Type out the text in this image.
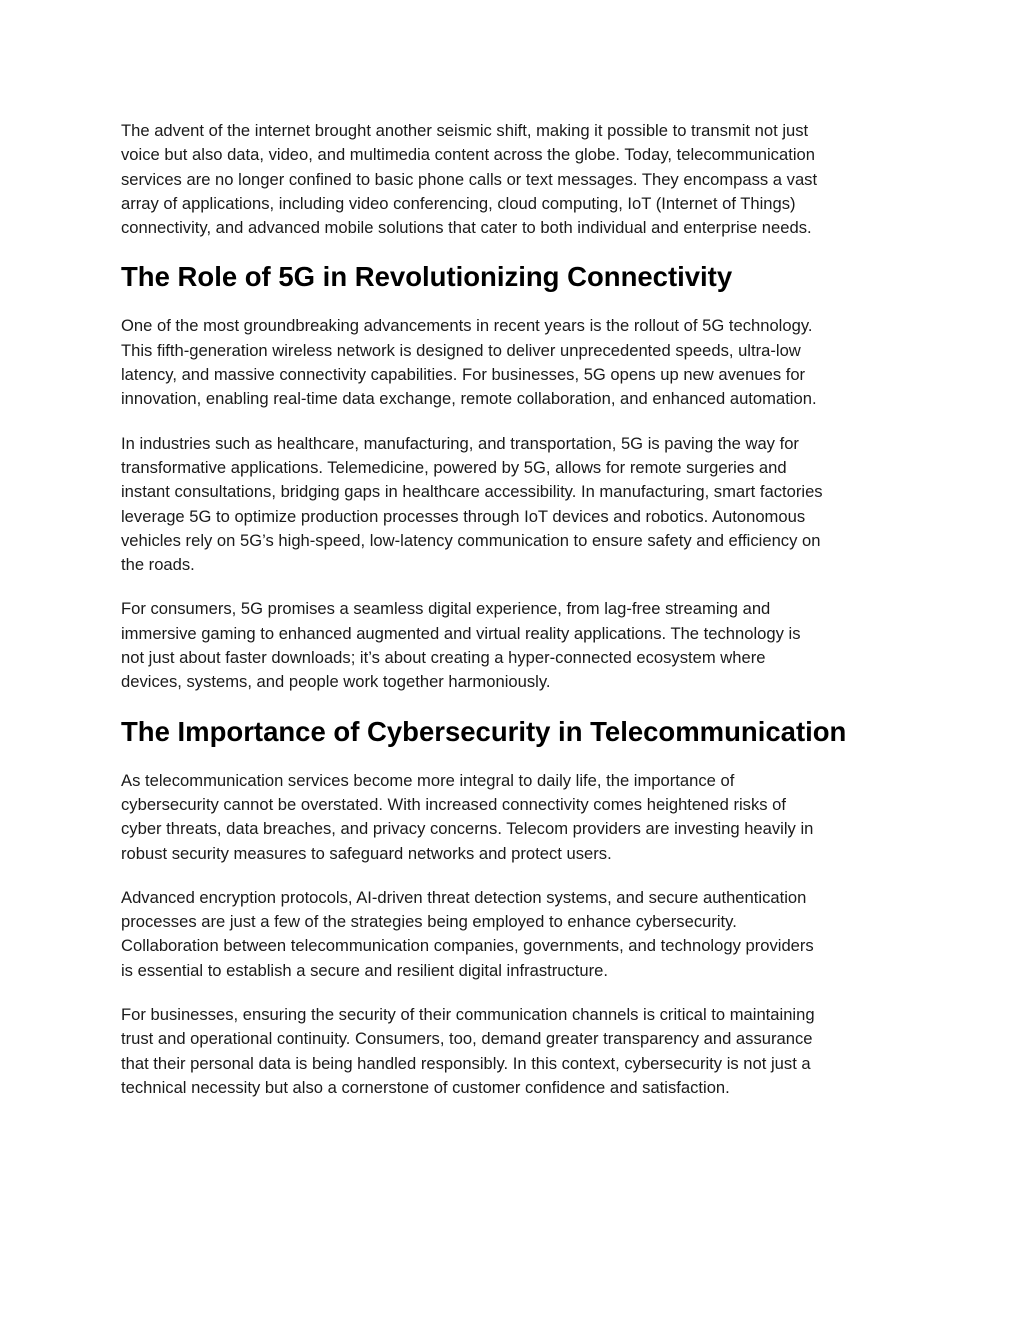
The advent of the internet brought another seismic shift, making it possible to transmit not just
voice but also data, video, and multimedia content across the globe. Today, telecommunication
services are no longer confined to basic phone calls or text messages. They encompass a vast
array of applications, including video conferencing, cloud computing, IoT (Internet of Things)
connectivity, and advanced mobile solutions that cater to both individual and enterprise needs.

The Role of 5G in Revolutionizing Connectivity

One of the most groundbreaking advancements in recent years is the rollout of 5G technology.
This fifth-generation wireless network is designed to deliver unprecedented speeds, ultra-low
latency, and massive connectivity capabilities. For businesses, 5G opens up new avenues for
innovation, enabling real-time data exchange, remote collaboration, and enhanced automation.

In industries such as healthcare, manufacturing, and transportation, 5G is paving the way for
transformative applications. Telemedicine, powered by 5G, allows for remote surgeries and
instant consultations, bridging gaps in healthcare accessibility. In manufacturing, smart factories
leverage 5G to optimize production processes through IoT devices and robotics. Autonomous
vehicles rely on 5G’s high-speed, low-latency communication to ensure safety and efficiency on
the roads.

For consumers, 5G promises a seamless digital experience, from lag-free streaming and
immersive gaming to enhanced augmented and virtual reality applications. The technology is
not just about faster downloads; it’s about creating a hyper-connected ecosystem where
devices, systems, and people work together harmoniously.

The Importance of Cybersecurity in Telecommunication

As telecommunication services become more integral to daily life, the importance of
cybersecurity cannot be overstated. With increased connectivity comes heightened risks of
cyber threats, data breaches, and privacy concerns. Telecom providers are investing heavily in
robust security measures to safeguard networks and protect users.

Advanced encryption protocols, AI-driven threat detection systems, and secure authentication
processes are just a few of the strategies being employed to enhance cybersecurity.
Collaboration between telecommunication companies, governments, and technology providers
is essential to establish a secure and resilient digital infrastructure.

For businesses, ensuring the security of their communication channels is critical to maintaining
trust and operational continuity. Consumers, too, demand greater transparency and assurance
that their personal data is being handled responsibly. In this context, cybersecurity is not just a
technical necessity but also a cornerstone of customer confidence and satisfaction.
